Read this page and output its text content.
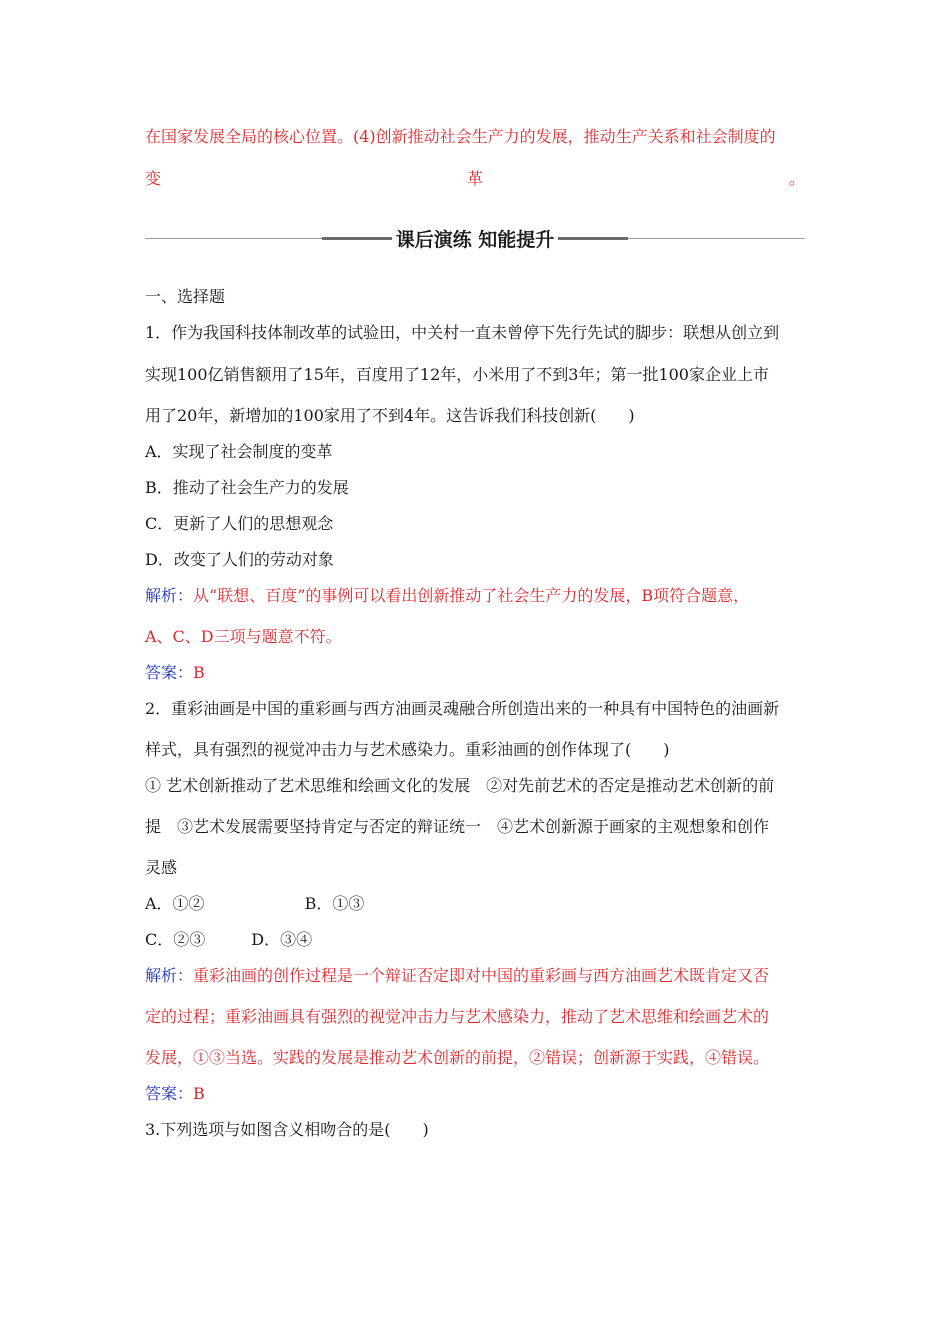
在国家发展全局的核心位置。(4)创新推动社会生产力的发展，推动生产关系和社会制度的
变	革	。
课后演练 知能提升
一、选择题
1．作为我国科技体制改革的试验田，中关村一直未曾停下先行先试的脚步：联想从创立到
实现100亿销售额用了15年，百度用了12年，小米用了不到3年；第一批100家企业上市
用了20年，新增加的100家用了不到4年。这告诉我们科技创新(　　)
A．实现了社会制度的变革
B．推动了社会生产力的发展
C．更新了人们的思想观念
D．改变了人们的劳动对象
解析：从“联想、百度”的事例可以看出创新推动了社会生产力的发展，B项符合题意，
A、C、D三项与题意不符。
答案：B
2．重彩油画是中国的重彩画与西方油画灵魂融合所创造出来的一种具有中国特色的油画新
样式，具有强烈的视觉冲击力与艺术感染力。重彩油画的创作体现了(　　)
① 艺术创新推动了艺术思维和绘画文化的发展　②对先前艺术的否定是推动艺术创新的前
提　③艺术发展需要坚持肯定与否定的辩证统一　④艺术创新源于画家的主观想象和创作
灵感
A．①②	B．①③
C．②③	D．③④
解析：重彩油画的创作过程是一个辩证否定即对中国的重彩画与西方油画艺术既肯定又否
定的过程；重彩油画具有强烈的视觉冲击力与艺术感染力，推动了艺术思维和绘画艺术的
发展，①③当选。实践的发展是推动艺术创新的前提，②错误；创新源于实践，④错误。
答案：B
3.下列选项与如图含义相吻合的是(　　)
